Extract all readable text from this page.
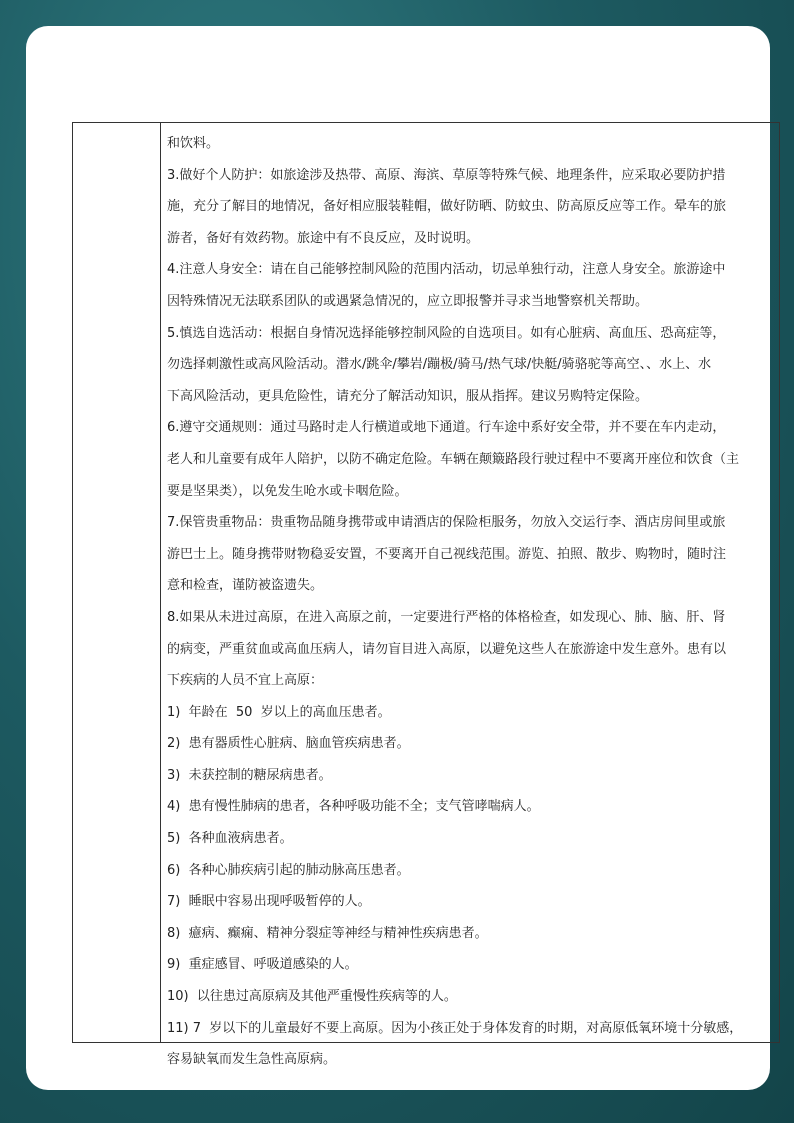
和饮料。

3.做好个人防护：如旅途涉及热带、高原、海滨、草原等特殊气候、地理条件，应采取必要防护措

施，充分了解目的地情况，备好相应服装鞋帽，做好防晒、防蚊虫、防高原反应等工作。晕车的旅

游者，备好有效药物。旅途中有不良反应，及时说明。

4.注意人身安全：请在自己能够控制风险的范围内活动，切忌单独行动，注意人身安全。旅游途中

因特殊情况无法联系团队的或遇紧急情况的，应立即报警并寻求当地警察机关帮助。

5.慎选自选活动：根据自身情况选择能够控制风险的自选项目。如有心脏病、高血压、恐高症等，

勿选择刺激性或高风险活动。潜水/跳伞/攀岩/蹦极/骑马/热气球/快艇/骑骆驼等高空、、水上、水

下高风险活动，更具危险性，请充分了解活动知识，服从指挥。建议另购特定保险。

6.遵守交通规则：通过马路时走人行横道或地下通道。行车途中系好安全带，并不要在车内走动，

老人和儿童要有成年人陪护，以防不确定危险。车辆在颠簸路段行驶过程中不要离开座位和饮食（主

要是坚果类），以免发生呛水或卡咽危险。

7.保管贵重物品：贵重物品随身携带或申请酒店的保险柜服务，勿放入交运行李、酒店房间里或旅

游巴士上。随身携带财物稳妥安置，不要离开自己视线范围。游览、拍照、散步、购物时，随时注

意和检查，谨防被盗遗失。

8.如果从未进过高原，在进入高原之前，一定要进行严格的体格检查，如发现心、肺、脑、肝、肾

的病变，严重贫血或高血压病人，请勿盲目进入高原，以避免这些人在旅游途中发生意外。患有以

下疾病的人员不宜上高原：

1)  年龄在  50  岁以上的高血压患者。

2)  患有器质性心脏病、脑血管疾病患者。

3)  未获控制的糖尿病患者。

4)  患有慢性肺病的患者，各种呼吸功能不全；支气管哮喘病人。

5)  各种血液病患者。

6)  各种心肺疾病引起的肺动脉高压患者。

7)  睡眠中容易出现呼吸暂停的人。

8)  癔病、癫痫、精神分裂症等神经与精神性疾病患者。

9)  重症感冒、呼吸道感染的人。

10)  以往患过高原病及其他严重慢性疾病等的人。

11) 7  岁以下的儿童最好不要上高原。因为小孩正处于身体发育的时期，对高原低氧环境十分敏感，

容易缺氧而发生急性高原病。
